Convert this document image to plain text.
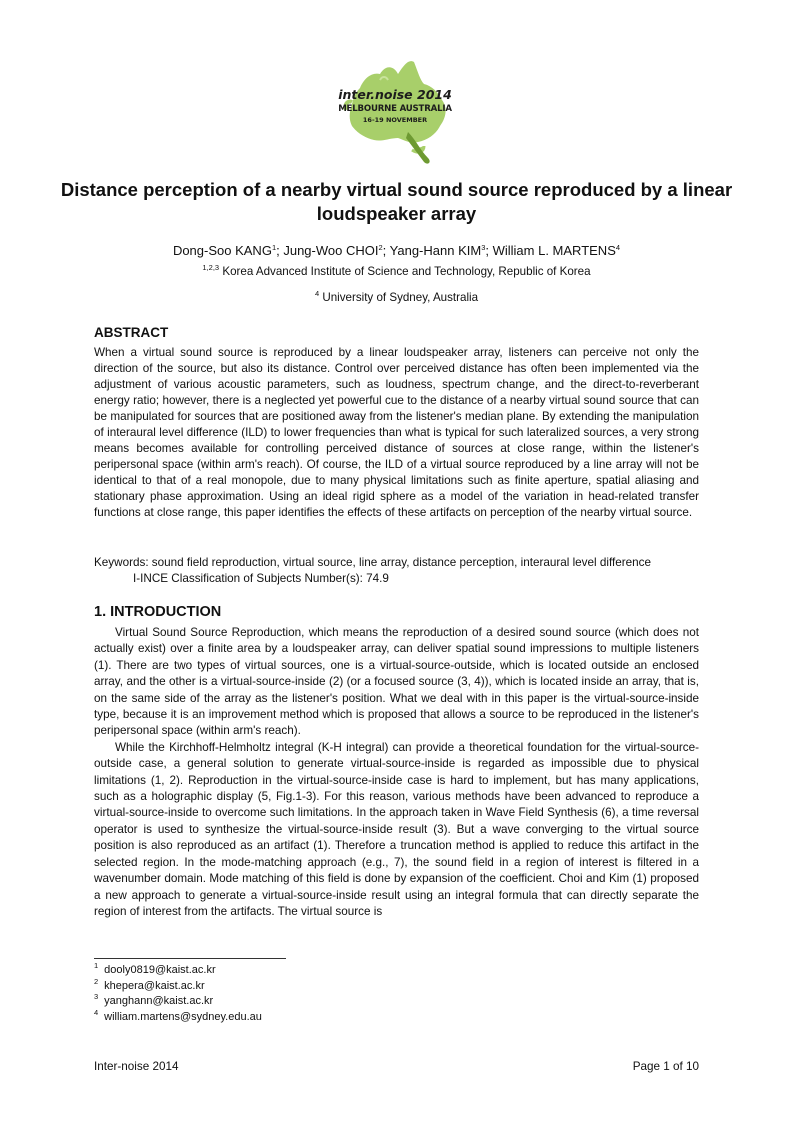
inter.noise 2014
MELBOURNE AUSTRALIA
16-19 NOVEMBER
Distance perception of a nearby virtual sound source reproduced by a linear loudspeaker array
Dong-Soo KANG$^1$; Jung-Woo CHOI$^2$; Yang-Hann KIM$^3$; William L. MARTENS$^4$
$^{1,2,3}$ Korea Advanced Institute of Science and Technology, Republic of Korea
$^4$ University of Sydney, Australia
ABSTRACT
When a virtual sound source is reproduced by a linear loudspeaker array, listeners can perceive not only the direction of the source, but also its distance. Control over perceived distance has often been implemented via the adjustment of various acoustic parameters, such as loudness, spectrum change, and the direct-to-reverberant energy ratio; however, there is a neglected yet powerful cue to the distance of a nearby virtual sound source that can be manipulated for sources that are positioned away from the listener's median plane. By extending the manipulation of interaural level difference (ILD) to lower frequencies than what is typical for such lateralized sources, a very strong means becomes available for controlling perceived distance of sources at close range, within the listener's peripersonal space (within arm's reach). Of course, the ILD of a virtual source reproduced by a line array will not be identical to that of a real monopole, due to many physical limitations such as finite aperture, spatial aliasing and stationary phase approximation. Using an ideal rigid sphere as a model of the variation in head-related transfer functions at close range, this paper identifies the effects of these artifacts on perception of the nearby virtual source.
Keywords: sound field reproduction, virtual source, line array, distance perception, interaural level difference
I-INCE Classification of Subjects Number(s): 74.9
1. INTRODUCTION

Virtual Sound Source Reproduction, which means the reproduction of a desired sound source (which does not actually exist) over a finite area by a loudspeaker array, can deliver spatial sound impressions to multiple listeners (1). There are two types of virtual sources, one is a virtual-source-outside, which is located outside an enclosed array, and the other is a virtual-source-inside (2) (or a focused source (3, 4)), which is located inside an array, that is, on the same side of the array as the listener's position. What we deal with in this paper is the virtual-source-inside type, because it is an improvement method which is proposed that allows a source to be reproduced in the listener's peripersonal space (within arm's reach).

While the Kirchhoff-Helmholtz integral (K-H integral) can provide a theoretical foundation for the virtual-source-outside case, a general solution to generate virtual-source-inside is regarded as impossible due to physical limitations (1, 2). Reproduction in the virtual-source-inside case is hard to implement, but has many applications, such as a holographic display (5, Fig.1-3). For this reason, various methods have been advanced to reproduce a virtual-source-inside to overcome such limitations. In the approach taken in Wave Field Synthesis (6), a time reversal operator is used to synthesize the virtual-source-inside result (3). But a wave converging to the virtual source position is also reproduced as an artifact (1). Therefore a truncation method is applied to reduce this artifact in the selected region. In the mode-matching approach (e.g., 7), the sound field in a region of interest is filtered in a wavenumber domain. Mode matching of this field is done by expansion of the coefficient. Choi and Kim (1) proposed a new approach to generate a virtual-source-inside result using an integral formula that can directly separate the region of interest from the artifacts. The virtual source is

$^1$ dooly0819@kaist.ac.kr
$^2$ khepera@kaist.ac.kr
$^3$ yanghann@kaist.ac.kr
$^4$ william.martens@sydney.edu.au
Inter-noise 2014	Page 1 of 10
